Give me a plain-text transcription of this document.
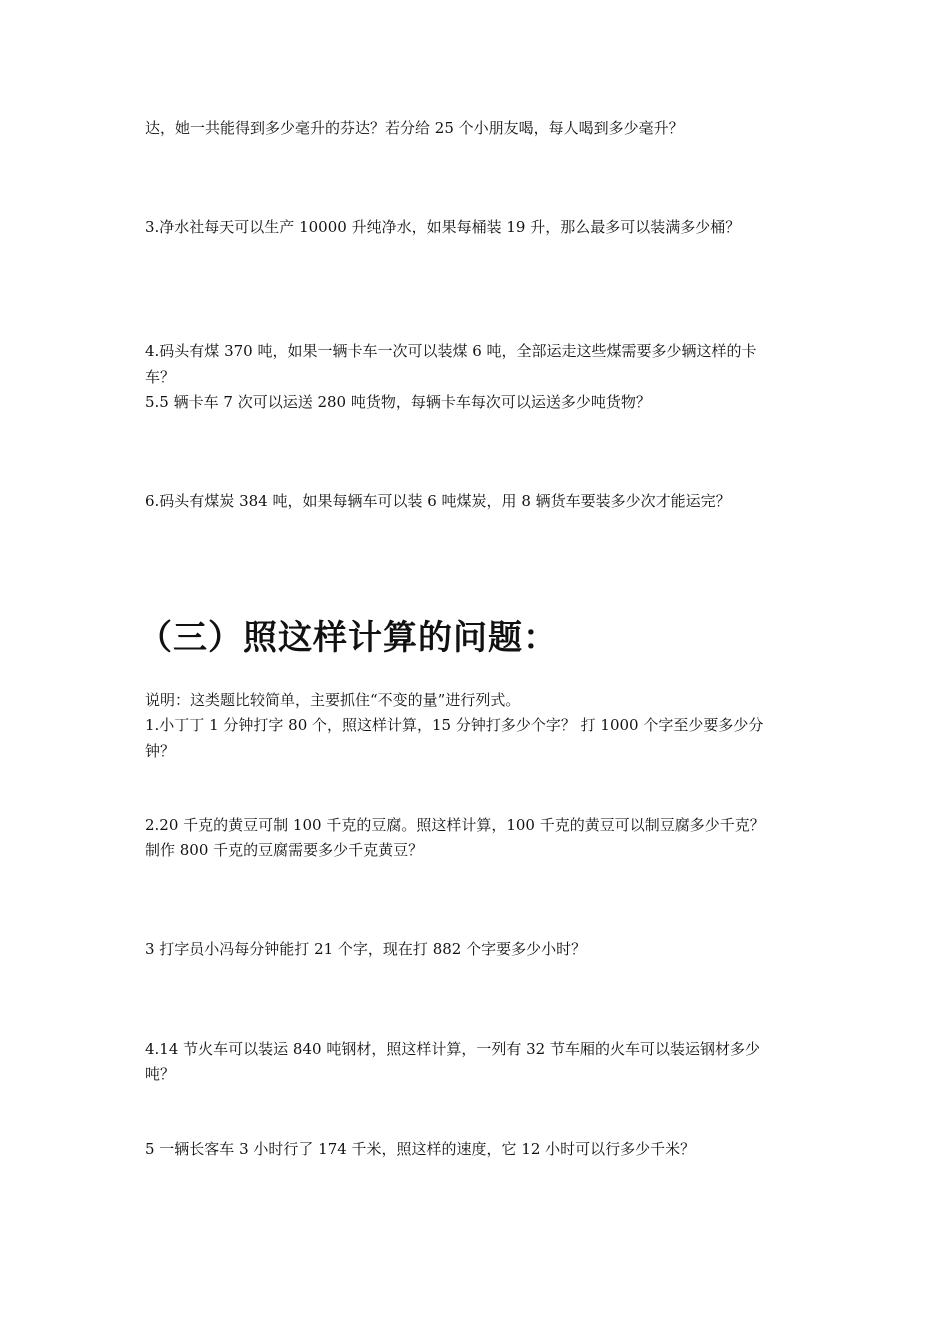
达，她一共能得到多少毫升的芬达？若分给 25 个小朋友喝，每人喝到多少毫升？
3.净水社每天可以生产 10000 升纯净水，如果每桶装 19 升，那么最多可以装满多少桶？
4.码头有煤 370 吨，如果一辆卡车一次可以装煤 6 吨，全部运走这些煤需要多少辆这样的卡
车？
5.5 辆卡车 7 次可以运送 280 吨货物，每辆卡车每次可以运送多少吨货物？
6.码头有煤炭 384 吨，如果每辆车可以装 6 吨煤炭，用 8 辆货车要装多少次才能运完？
（三）照这样计算的问题：
说明：这类题比较简单，主要抓住“不变的量”进行列式。
1.小丁丁 1 分钟打字 80 个，照这样计算，15 分钟打多少个字？ 打 1000 个字至少要多少分
钟？
2.20 千克的黄豆可制 100 千克的豆腐。照这样计算，100 千克的黄豆可以制豆腐多少千克？
制作 800 千克的豆腐需要多少千克黄豆？
3 打字员小冯每分钟能打 21 个字，现在打 882 个字要多少小时？
4.14 节火车可以装运 840 吨钢材，照这样计算，一列有 32 节车厢的火车可以装运钢材多少
吨？
5 一辆长客车 3 小时行了 174 千米，照这样的速度，它 12 小时可以行多少千米？
